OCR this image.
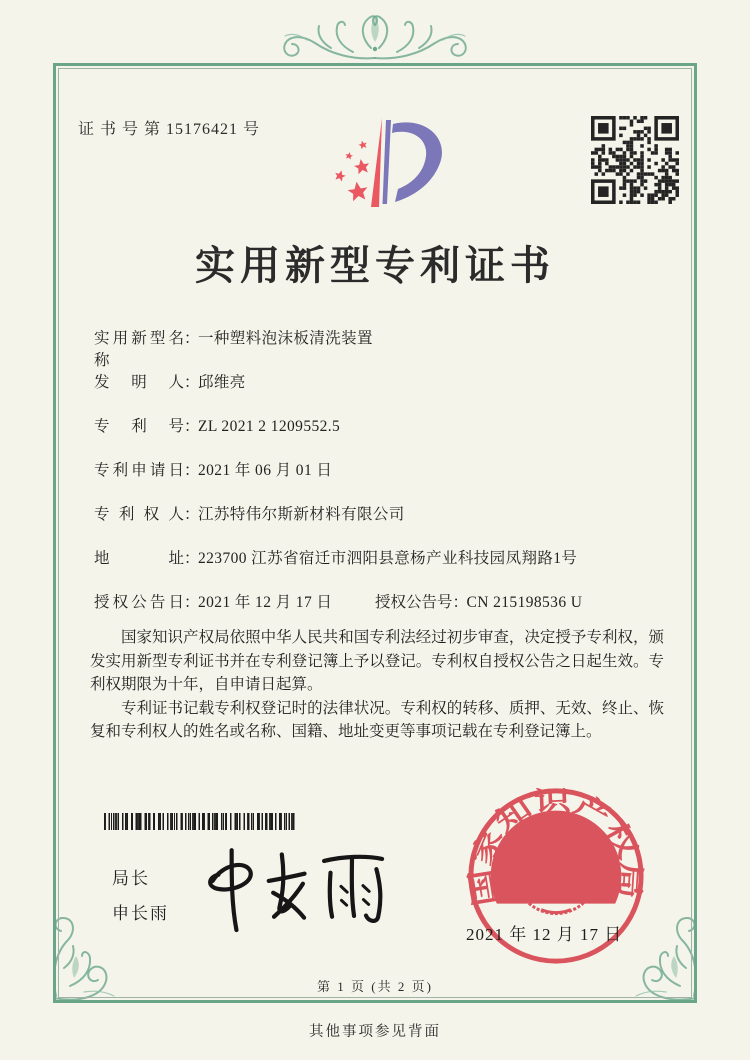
证 书 号 第 15176421 号
实用新型专利证书
实用新型名称
：
一种塑料泡沫板清洗装置
发明人 ：
邱维亮
专利号 ：
ZL 2021 2 1209552.5
专利申请日 ：
2021 年 06 月 01 日
专利权人 ：
江苏特伟尔斯新材料有限公司
地址 ：
223700 江苏省宿迁市泗阳县意杨产业科技园凤翔路1号
授权公告日 ：
2021 年 12 月 17 日	授权公告号 ：
CN 215198536 U

国家知识产权局依照中华人民共和国专利法经过初步审查，决定授予专利权，颁发实用新型专利证书并在专利登记簿上予以登记。专利权自授权公告之日起生效。专利权期限为十年，自申请日起算。

专利证书记载专利权登记时的法律状况。专利权的转移、质押、无效、终止、恢复和专利权人的姓名或名称、国籍、地址变更等事项记载在专利登记簿上。

局长
申长雨
国家知识产权局
2021 年 12 月 17 日
第 1 页 (共 2 页)
其他事项参见背面
